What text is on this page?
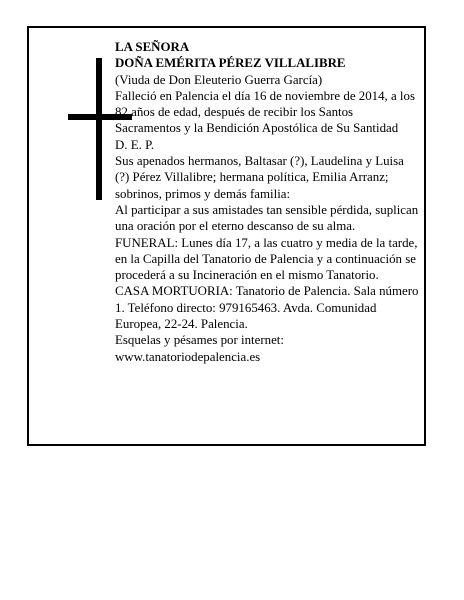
LA SEÑORA

DOÑA EMÉRITA PÉREZ VILLALIBRE

(Viuda de Don Eleuterio Guerra García)

Falleció en Palencia el día 16 de noviembre de 2014, a los 82 años de edad, después de recibir los Santos Sacramentos y la Bendición Apostólica de Su Santidad

D. E. P.

Sus apenados hermanos, Baltasar (?), Laudelina y Luisa (?) Pérez Villalibre; hermana política, Emilia Arranz; sobrinos, primos y demás familia:

Al participar a sus amistades tan sensible pérdida, suplican una oración por el eterno descanso de su alma.

FUNERAL: Lunes día 17, a las cuatro y media de la tarde, en la Capilla del Tanatorio de Palencia y a continuación se procederá a su Incineración en el mismo Tanatorio.

CASA MORTUORIA: Tanatorio de Palencia. Sala número 1. Teléfono directo: 979165463. Avda. Comunidad Europea, 22-24. Palencia.

Esquelas y pésames por internet:

www.tanatoriodepalencia.es
